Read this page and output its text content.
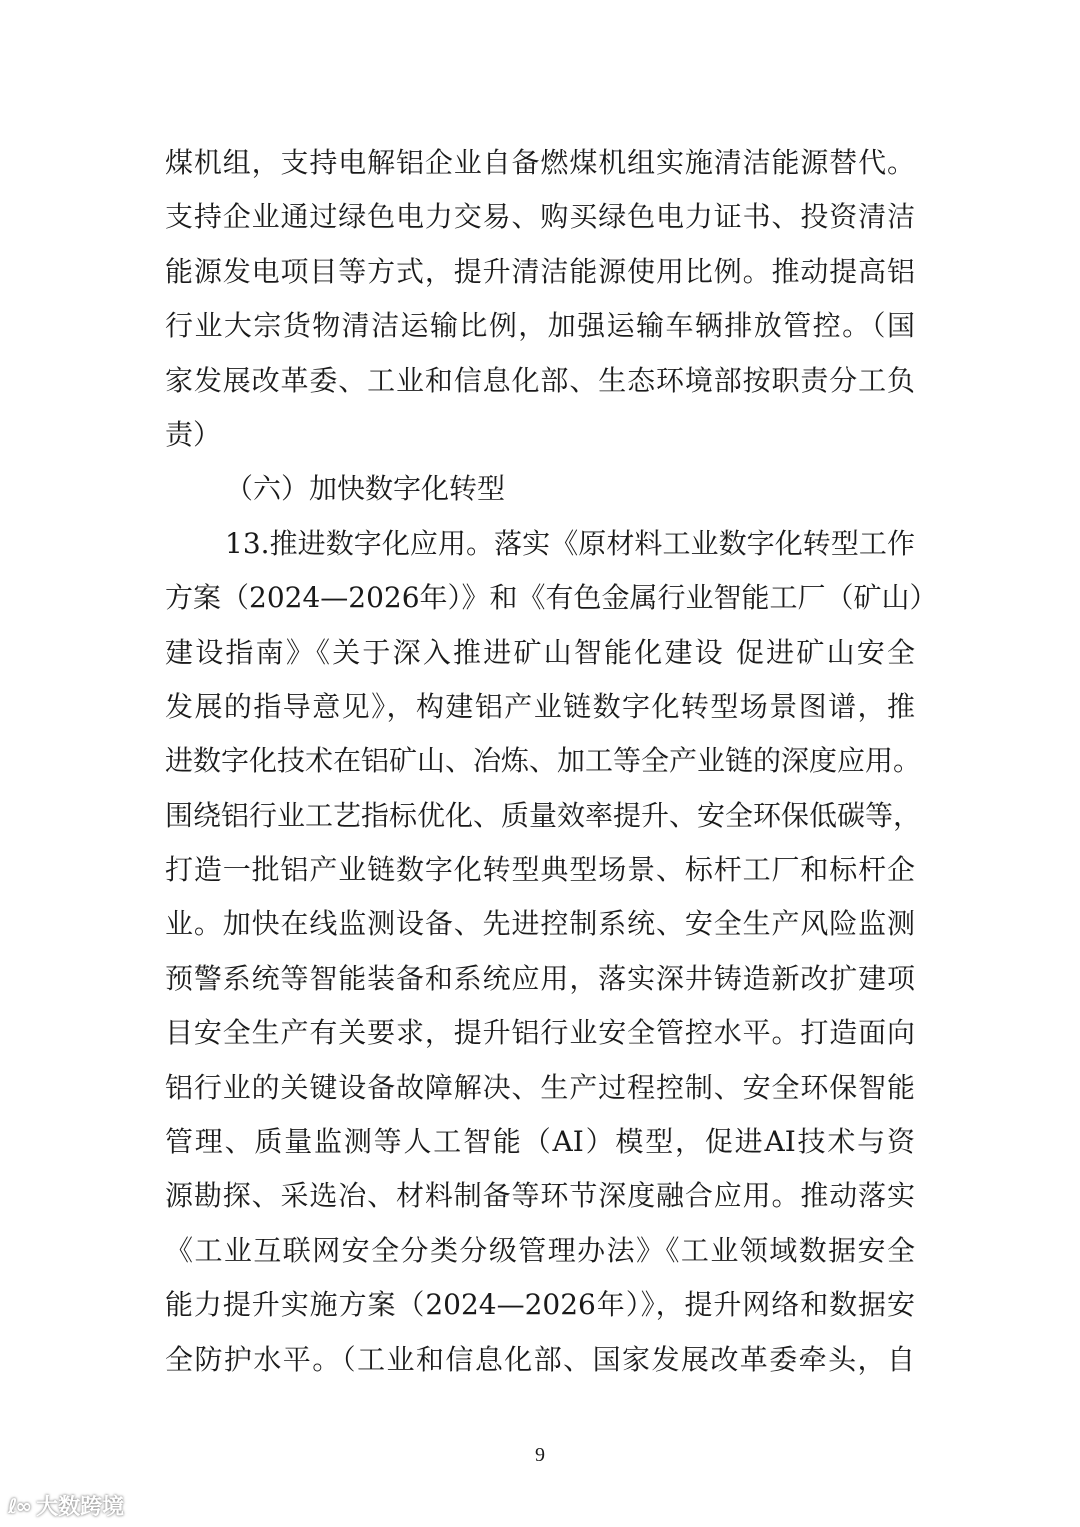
煤机组，支持电解铝企业自备燃煤机组实施清洁能源替代。
支持企业通过绿色电力交易、购买绿色电力证书、投资清洁
能源发电项目等方式，提升清洁能源使用比例。推动提高铝
行业大宗货物清洁运输比例，加强运输车辆排放管控。（国
家发展改革委、工业和信息化部、生态环境部按职责分工负
责）
（六）加快数字化转型
13.推进数字化应用。落实《原材料工业数字化转型工作
方案（2024—2026年）》和《有色金属行业智能工厂（矿山）
建设指南》《关于深入推进矿山智能化建设 促进矿山安全
发展的指导意见》，构建铝产业链数字化转型场景图谱，推
进数字化技术在铝矿山、冶炼、加工等全产业链的深度应用。
围绕铝行业工艺指标优化、质量效率提升、安全环保低碳等，
打造一批铝产业链数字化转型典型场景、标杆工厂和标杆企
业。加快在线监测设备、先进控制系统、安全生产风险监测
预警系统等智能装备和系统应用，落实深井铸造新改扩建项
目安全生产有关要求，提升铝行业安全管控水平。打造面向
铝行业的关键设备故障解决、生产过程控制、安全环保智能
管理、质量监测等人工智能（AI）模型，促进AI技术与资
源勘探、采选冶、材料制备等环节深度融合应用。推动落实
《工业互联网安全分类分级管理办法》《工业领域数据安全
能力提升实施方案（2024—2026年）》，提升网络和数据安
全防护水平。（工业和信息化部、国家发展改革委牵头，自
9
ℓ∞ 大数跨境
